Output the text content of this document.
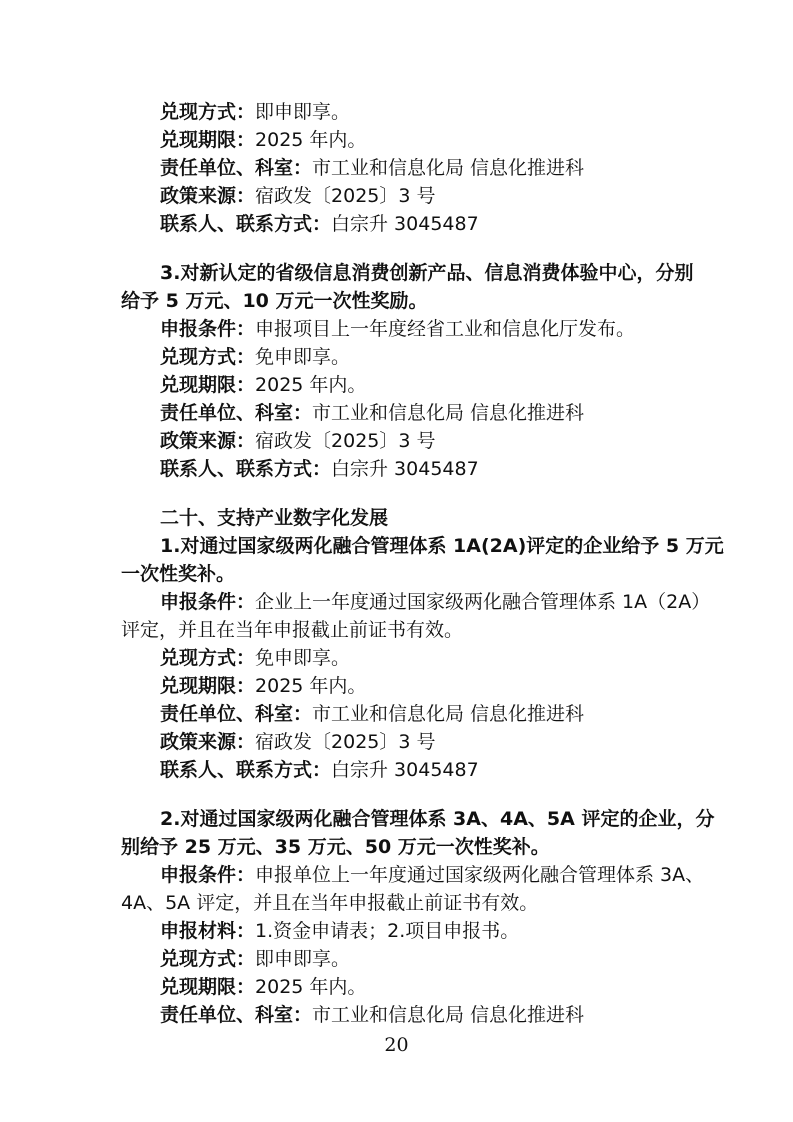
兑现方式：即申即享。
兑现期限：2025 年内。
责任单位、科室：市工业和信息化局 信息化推进科
政策来源：宿政发〔2025〕3 号
联系人、联系方式：白宗升 3045487
3.对新认定的省级信息消费创新产品、信息消费体验中心，分别
给予 5 万元、10 万元一次性奖励。
申报条件：申报项目上一年度经省工业和信息化厅发布。
兑现方式：免申即享。
兑现期限：2025 年内。
责任单位、科室：市工业和信息化局 信息化推进科
政策来源：宿政发〔2025〕3 号
联系人、联系方式：白宗升 3045487
二十、支持产业数字化发展
1.对通过国家级两化融合管理体系 1A(2A)评定的企业给予 5 万元
一次性奖补。
申报条件：企业上一年度通过国家级两化融合管理体系 1A（2A）
评定，并且在当年申报截止前证书有效。
兑现方式：免申即享。
兑现期限：2025 年内。
责任单位、科室：市工业和信息化局 信息化推进科
政策来源：宿政发〔2025〕3 号
联系人、联系方式：白宗升 3045487
2.对通过国家级两化融合管理体系 3A、4A、5A 评定的企业，分
别给予 25 万元、35 万元、50 万元一次性奖补。
申报条件：申报单位上一年度通过国家级两化融合管理体系 3A、
4A、5A 评定，并且在当年申报截止前证书有效。
申报材料：1.资金申请表；2.项目申报书。
兑现方式：即申即享。
兑现期限：2025 年内。
责任单位、科室：市工业和信息化局 信息化推进科
20
